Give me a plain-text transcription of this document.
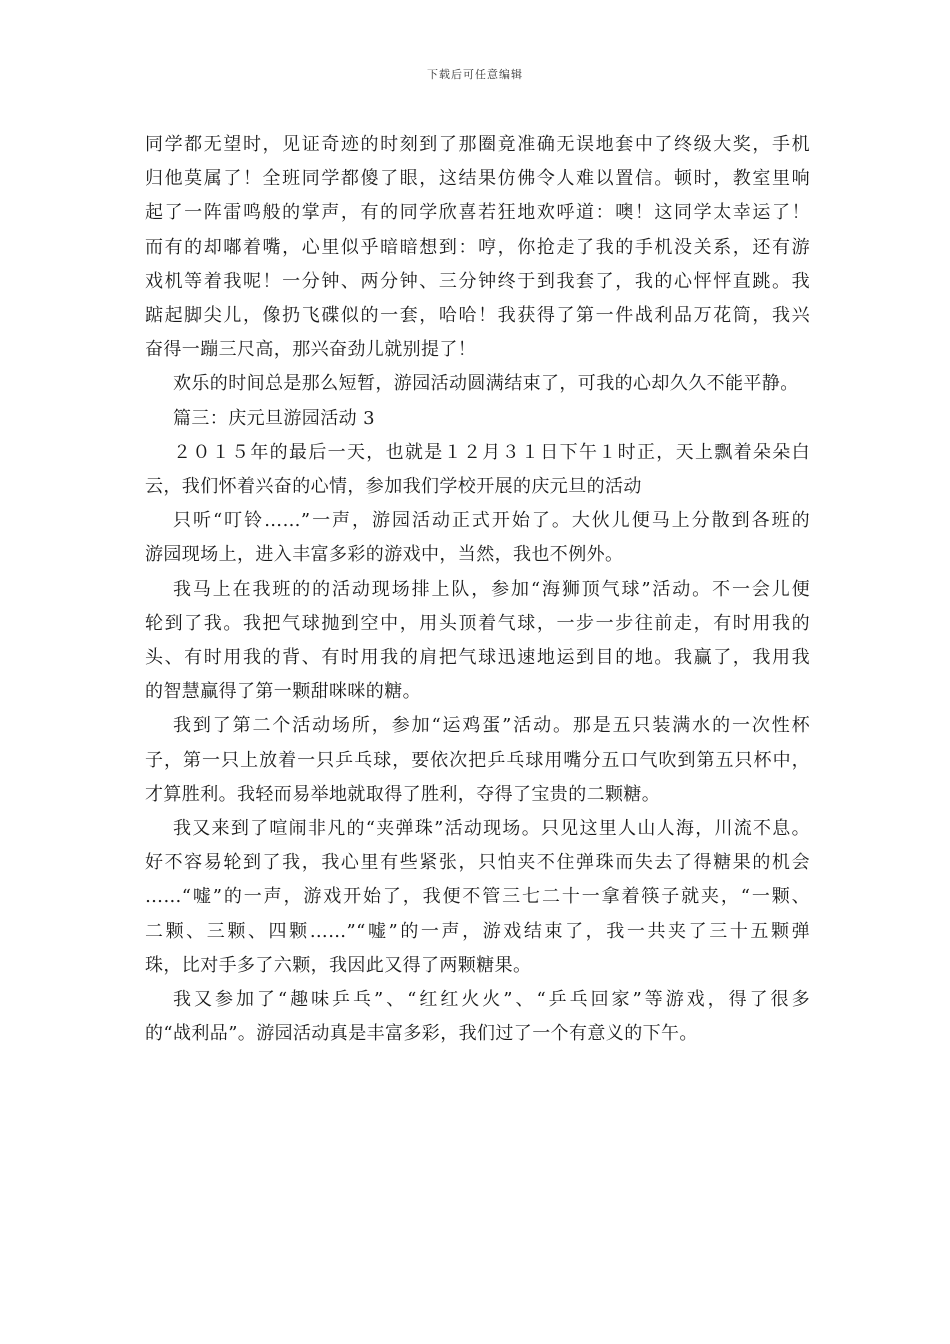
下载后可任意编辑
同学都无望时，见证奇迹的时刻到了那圈竟准确无误地套中了终级大奖，手机
归他莫属了！全班同学都傻了眼，这结果仿佛令人难以置信。顿时，教室里响
起了一阵雷鸣般的掌声，有的同学欣喜若狂地欢呼道：噢！这同学太幸运了！
而有的却嘟着嘴，心里似乎暗暗想到：哼，你抢走了我的手机没关系，还有游
戏机等着我呢！一分钟、两分钟、三分钟终于到我套了，我的心怦怦直跳。我
踮起脚尖儿，像扔飞碟似的一套，哈哈！我获得了第一件战利品万花筒，我兴
奋得一蹦三尺高，那兴奋劲儿就别提了！
欢乐的时间总是那么短暂，游园活动圆满结束了，可我的心却久久不能平静。
篇三：庆元旦游园活动 3
２０１５年的最后一天，也就是１２月３１日下午１时正，天上飘着朵朵白
云，我们怀着兴奋的心情，参加我们学校开展的庆元旦的活动
只听“叮铃……”一声，游园活动正式开始了。大伙儿便马上分散到各班的
游园现场上，进入丰富多彩的游戏中，当然，我也不例外。
我马上在我班的的活动现场排上队，参加“海狮顶气球”活动。不一会儿便
轮到了我。我把气球抛到空中，用头顶着气球，一步一步往前走，有时用我的
头、有时用我的背、有时用我的肩把气球迅速地运到目的地。我赢了，我用我
的智慧赢得了第一颗甜咪咪的糖。
我到了第二个活动场所，参加“运鸡蛋”活动。那是五只装满水的一次性杯
子，第一只上放着一只乒乓球，要依次把乒乓球用嘴分五口气吹到第五只杯中，
才算胜利。我轻而易举地就取得了胜利，夺得了宝贵的二颗糖。
我又来到了喧闹非凡的“夹弹珠”活动现场。只见这里人山人海，川流不息。
好不容易轮到了我，我心里有些紧张，只怕夹不住弹珠而失去了得糖果的机会
……“嘘”的一声，游戏开始了，我便不管三七二十一拿着筷子就夹，“一颗、
二颗、三颗、四颗……”“嘘”的一声，游戏结束了，我一共夹了三十五颗弹
珠，比对手多了六颗，我因此又得了两颗糖果。
我又参加了“趣味乒乓”、“红红火火”、“乒乓回家”等游戏，得了很多
的“战利品”。游园活动真是丰富多彩，我们过了一个有意义的下午。
